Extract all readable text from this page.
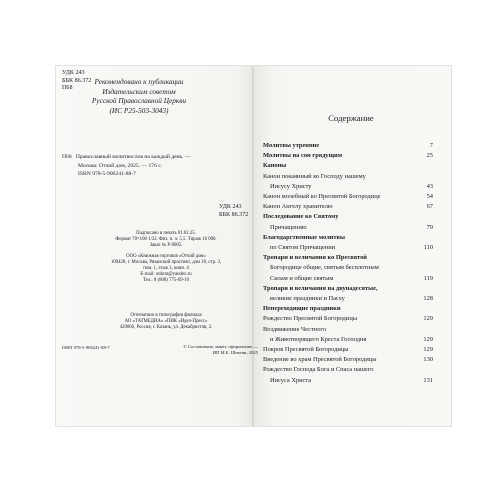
УДК 243
ББК 86.372
П68
Рекомендовано к публикации
Издательским советом
Русской Православной Церкви
(ИС Р25-503-3043)
П68 Православный молитвослов на каждый день. —
Москва: Отчий дом, 2025. — 176 с.
ISBN 978-5-906241-88-7
УДК 243
ББК 86.372
Подписано в печать 01.02.25.
Формат 70×100 1/32. Физ. п. л. 5,5. Тираж 10 000.
Заказ № Р-0005.
ООО «Книжная торговля «Отчий дом»
109428, г. Москва, Рязанский проспект, дом 16, стр. 3,
пом. 1, этаж 3, комн. 4
E-mail: otdom@yandex.ru
Тел.: 8 (800) 775-09-10
Отпечатано в типографии филиала
АО «ТАТМЕДИА» «ПИК «Идел-Пресс»
420066, Россия, г. Казань, ул. Декабристов, 2.
ISBN 978-5-906241-88-7	© Составление, макет, оформление —
ИП М.Е. Шевгин, 2025
Содержание
Молитвы утренние	7
Молитвы на сон грядущим	25
Каноны
Канон покаянный ко Господу нашему
Иисусу Христу	43
Канон молебный ко Пресвятой Богородице	54
Канон Ангелу хранителю	67
Последование ко Святому
Причащению	79
Благодарственные молитвы
по Святом Причащении	110
Тропари и величания ко Пресвятой
Богородице общие, святым бесплотным
Силам и общие святым	119
Тропари и величания на двунадесятые,
великие праздники и Пасху	128
Непереходящие праздники
Рождество Пресвятой Богородицы	129
Воздвижение Честного
и Животворящего Креста Господня	129
Покров Пресвятой Богородицы	129
Введение во храм Пресвятой Богородицы	130
Рождество Господа Бога и Спаса нашего
Иисуса Христа	131
